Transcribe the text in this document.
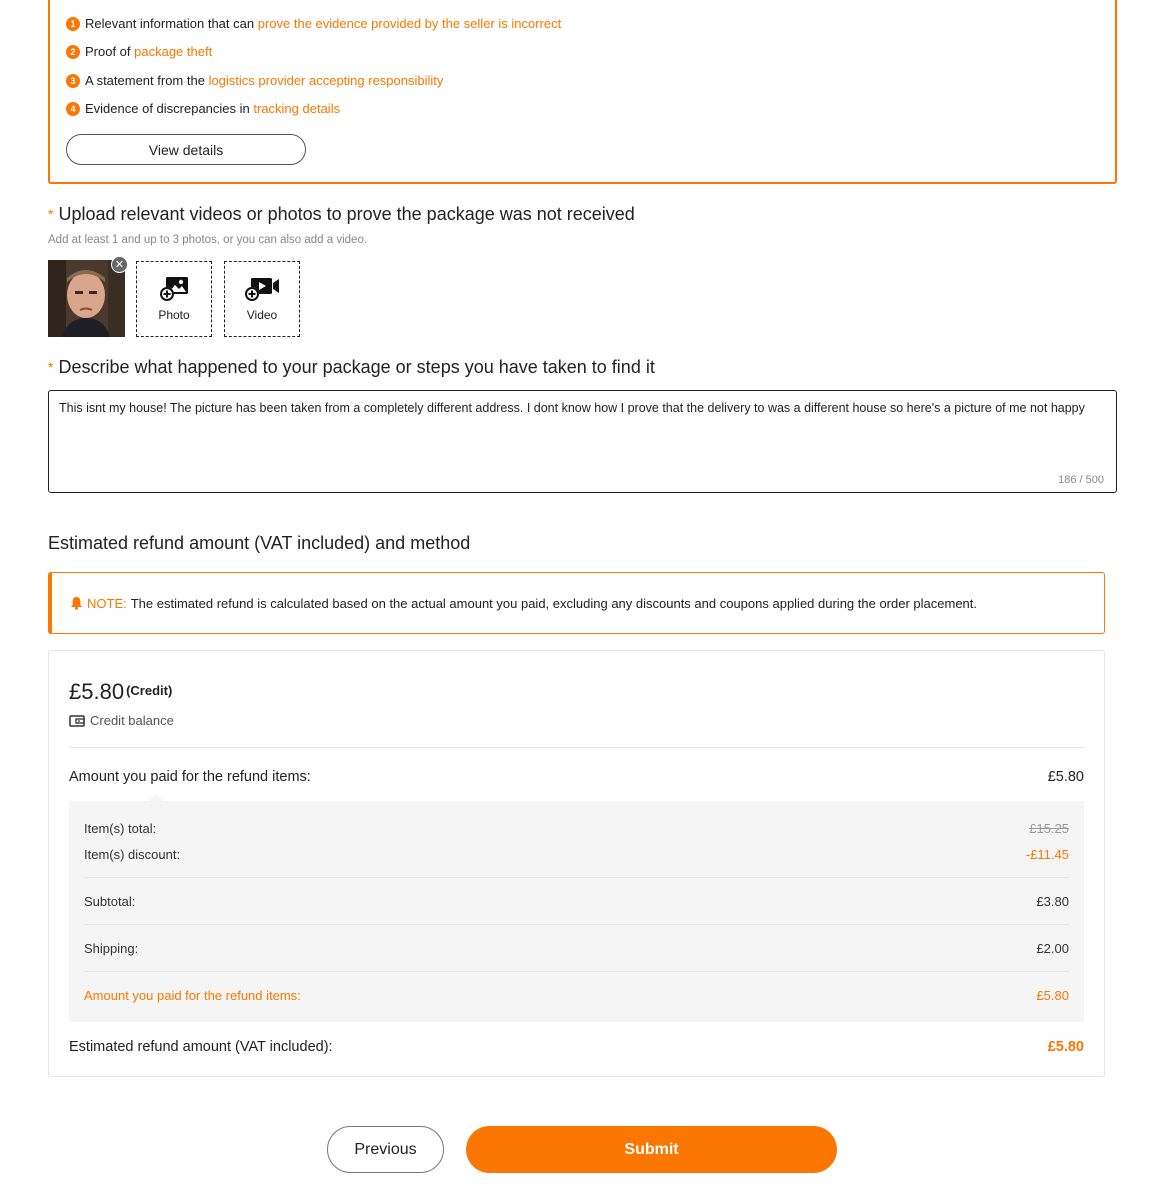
1 Relevant information that can prove the evidence provided by the seller is incorrect
2 Proof of package theft
3 A statement from the logistics provider accepting responsibility
4 Evidence of discrepancies in tracking details
View details
* Upload relevant videos or photos to prove the package was not received
Add at least 1 and up to 3 photos, or you can also add a video.
✕
Photo	Video
* Describe what happened to your package or steps you have taken to find it
This isnt my house! The picture has been taken from a completely different address. I dont know how I prove that the delivery to was a different house so here's a picture of me not happy
186 / 500
Estimated refund amount (VAT included) and method
NOTE: The estimated refund is calculated based on the actual amount you paid, excluding any discounts and coupons applied during the order placement.
£5.80 $^{(Credit)}$
Credit balance
Amount you paid for the refund items:	£5.80
Item(s) total:	£15.25
Item(s) discount:	-£11.45
Subtotal:	£3.80
Shipping:	£2.00
Amount you paid for the refund items:	£5.80
Estimated refund amount (VAT included):	£5.80
Previous	Submit
